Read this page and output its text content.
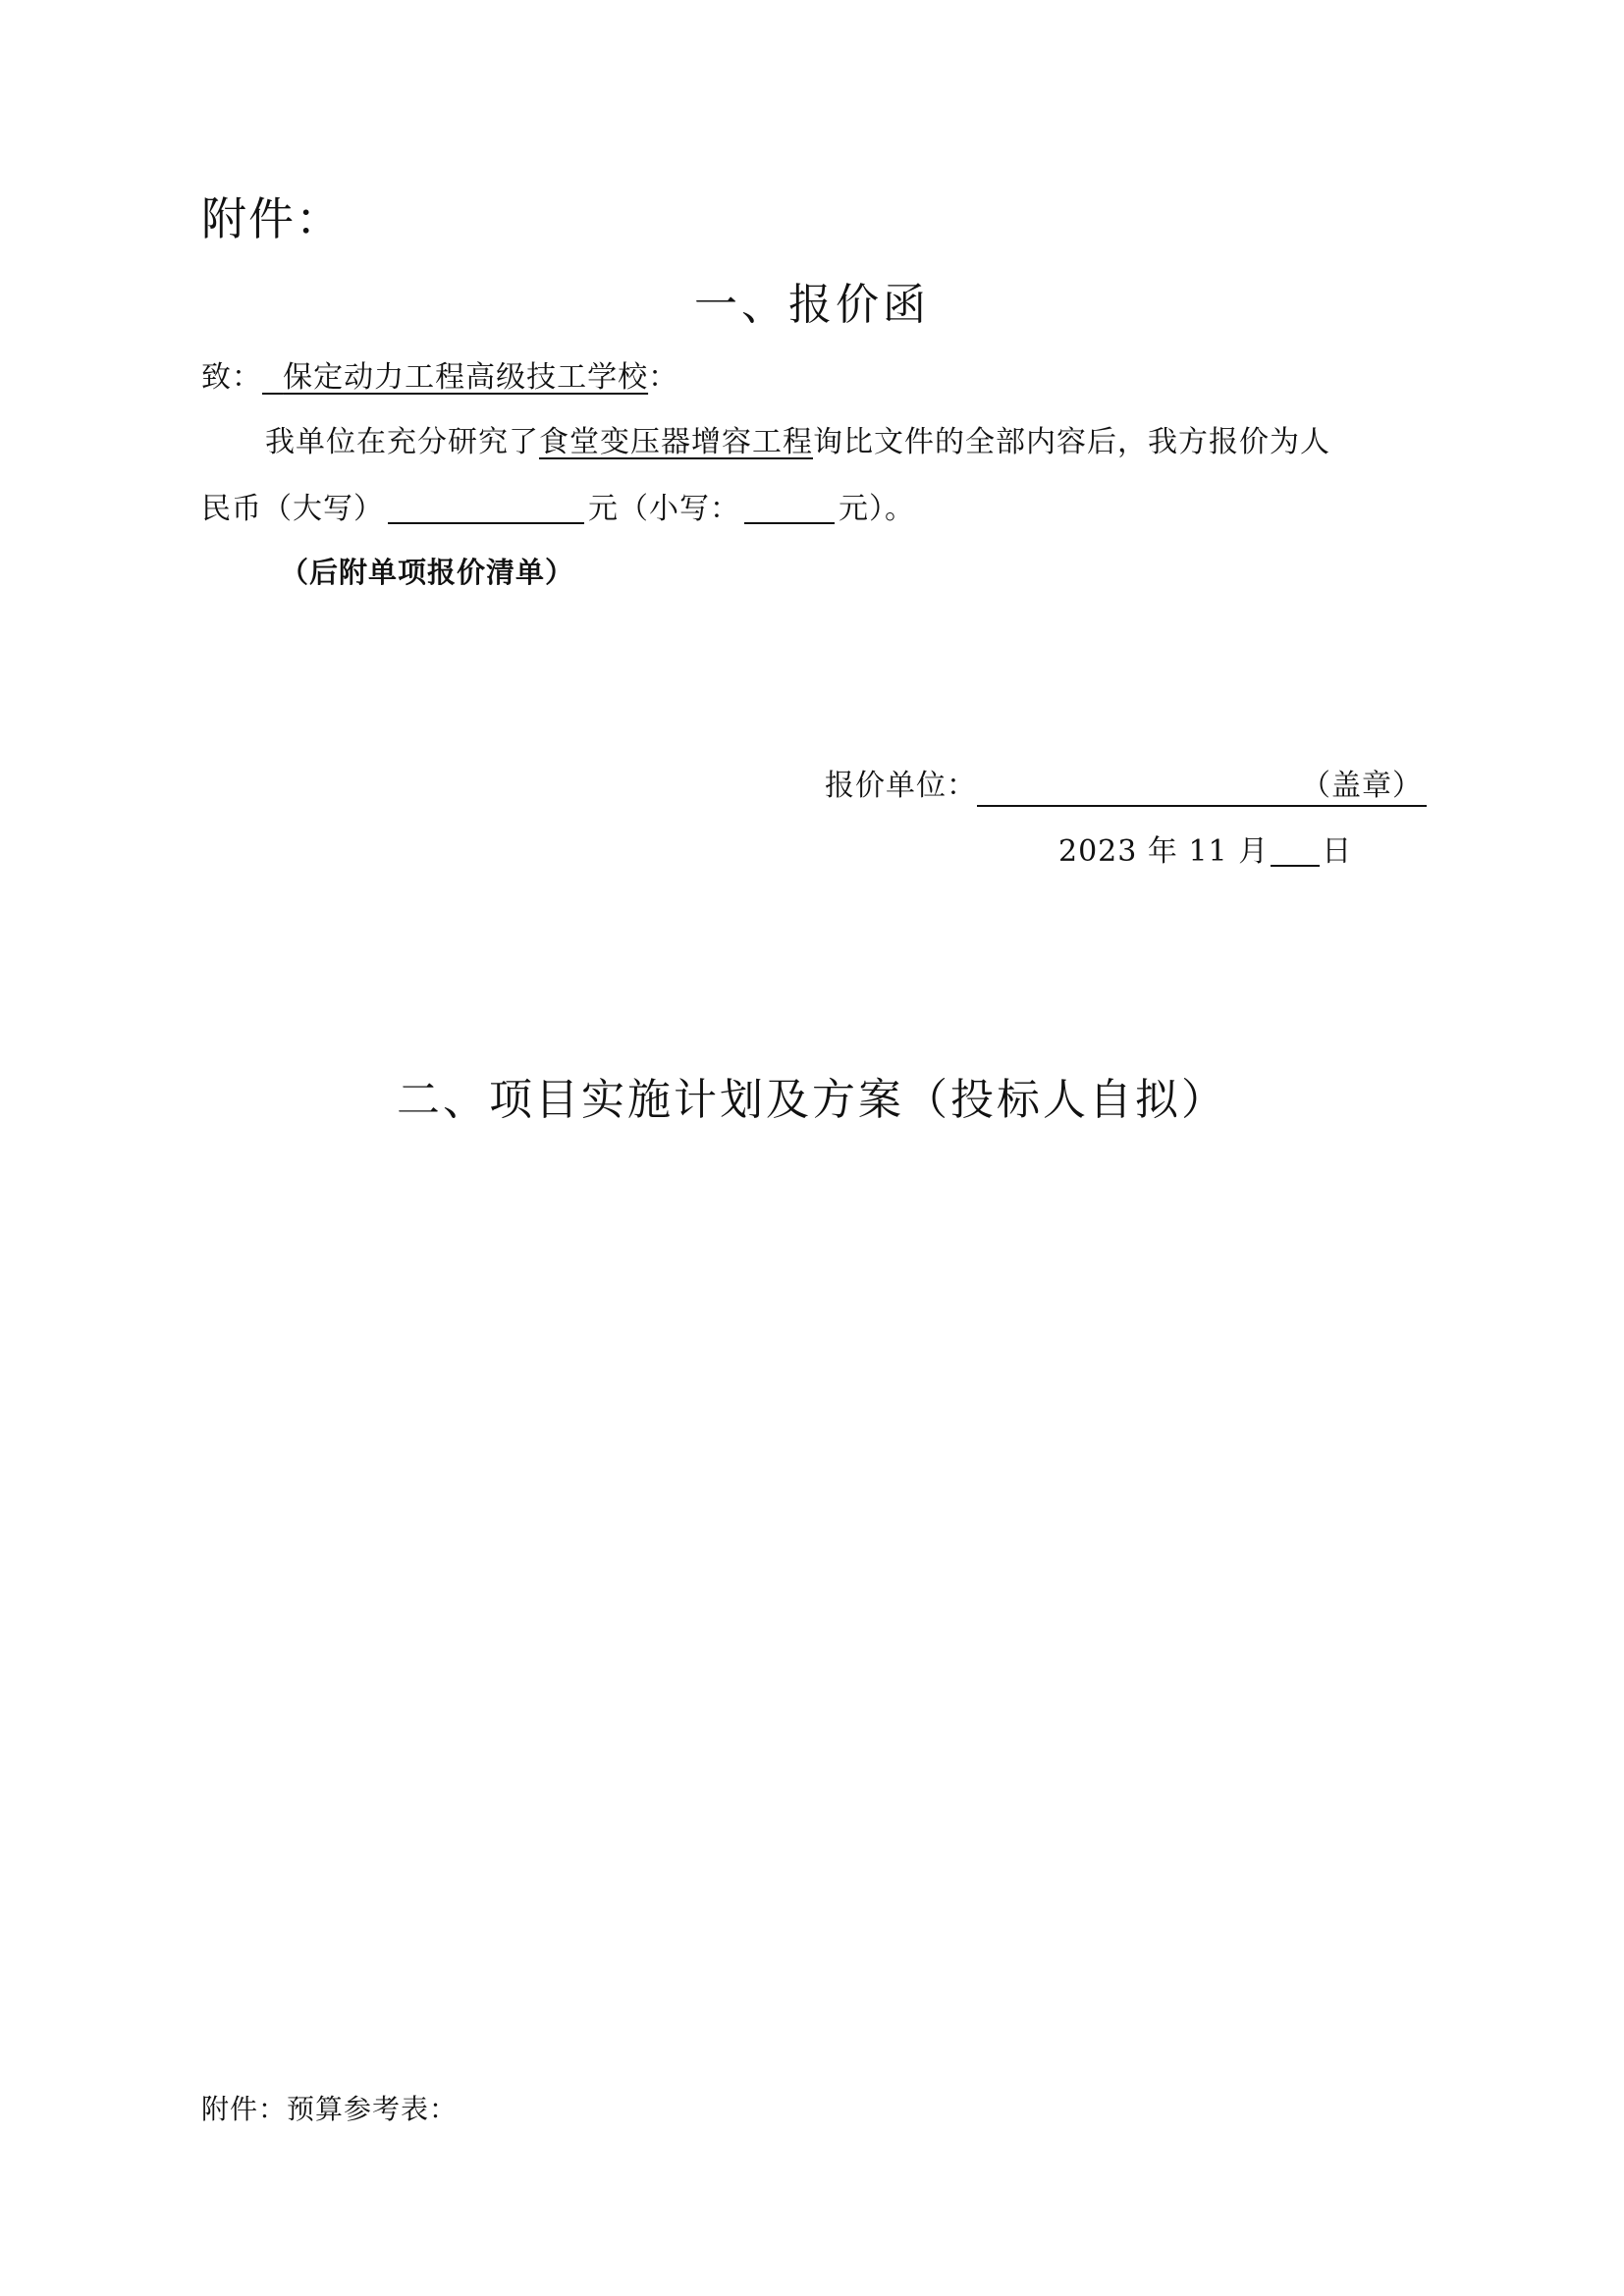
附件：
一、报价函
致： 保定动力工程高级技工学校：
我单位在充分研究了食堂变压器增容工程询比文件的全部内容后，我方报价为人
民币（大写）	元（小写：	元）。
（后附单项报价清单）
报价单位：	（盖章）
2023 年 11 月 日
二、项目实施计划及方案（投标人自拟）
附件：预算参考表：
